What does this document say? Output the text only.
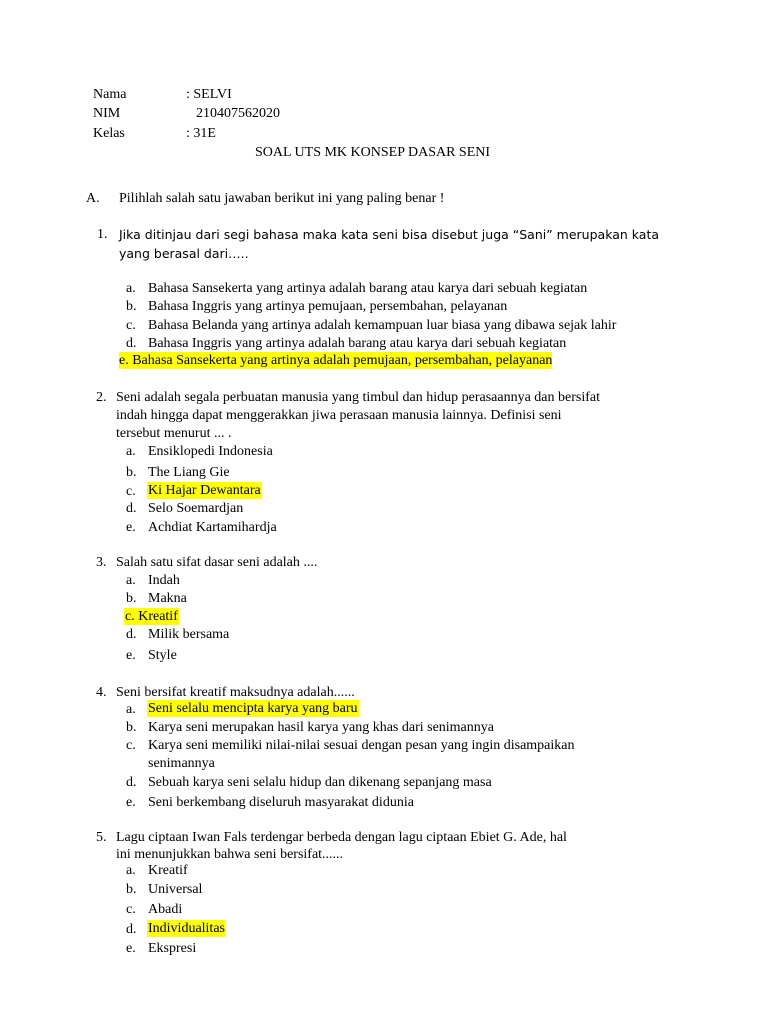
Nama	: SELVI
NIM	210407562020
Kelas	: 31E
SOAL UTS MK KONSEP DASAR SENI
A. Pilihlah salah satu jawaban berikut ini yang paling benar !
1. Jika ditinjau dari segi bahasa maka kata seni bisa disebut juga “Sani” merupakan kata
yang berasal dari…..
a. Bahasa Sansekerta yang artinya adalah barang atau karya dari sebuah kegiatan
b. Bahasa Inggris yang artinya pemujaan, persembahan, pelayanan
c. Bahasa Belanda yang artinya adalah kemampuan luar biasa yang dibawa sejak lahir
d. Bahasa Inggris yang artinya adalah barang atau karya dari sebuah kegiatan
e. Bahasa Sansekerta yang artinya adalah pemujaan, persembahan, pelayanan
2. Seni adalah segala perbuatan manusia yang timbul dan hidup perasaannya dan bersifat
indah hingga dapat menggerakkan jiwa perasaan manusia lainnya. Definisi seni
tersebut menurut ... .
a. Ensiklopedi Indonesia
b. The Liang Gie
c. Ki Hajar Dewantara
d. Selo Soemardjan
e. Achdiat Kartamihardja
3. Salah satu sifat dasar seni adalah ....
a. Indah
b. Makna
c. Kreatif
d. Milik bersama
e. Style
4. Seni bersifat kreatif maksudnya adalah......
a. Seni selalu mencipta karya yang baru
b. Karya seni merupakan hasil karya yang khas dari senimannya
c. Karya seni memiliki nilai-nilai sesuai dengan pesan yang ingin disampaikan
senimannya
d. Sebuah karya seni selalu hidup dan dikenang sepanjang masa
e. Seni berkembang diseluruh masyarakat didunia
5. Lagu ciptaan Iwan Fals terdengar berbeda dengan lagu ciptaan Ebiet G. Ade, hal
ini menunjukkan bahwa seni bersifat......
a. Kreatif
b. Universal
c. Abadi
d. Individualitas
e. Ekspresi
